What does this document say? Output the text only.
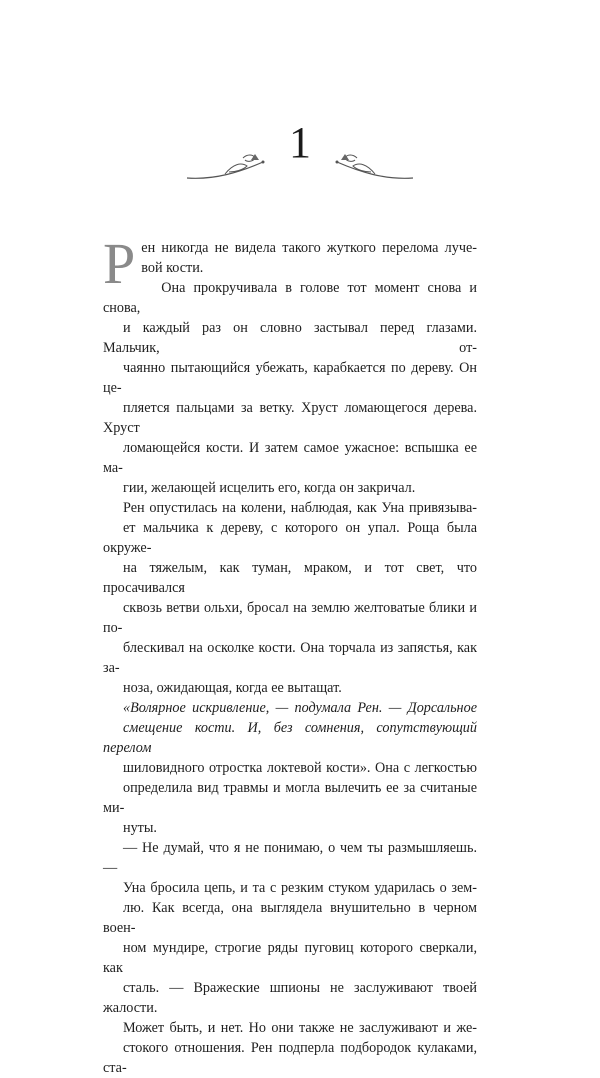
1

Р ен никогда не видела такого жуткого перелома луче-
вой кости.

Она прокручивала в голове тот момент снова и снова,
и каждый раз он словно застывал перед глазами. Мальчик, от-
чаянно пытающийся убежать, карабкается по дереву. Он це-
пляется пальцами за ветку. Хруст ломающегося дерева. Хруст
ломающейся кости. И затем самое ужасное: вспышка ее ма-
гии, желающей исцелить его, когда он закричал.

Рен опустилась на колени, наблюдая, как Уна привязыва-
ет мальчика к дереву, с которого он упал. Роща была окруже-
на тяжелым, как туман, мраком, и тот свет, что просачивался
сквозь ветви ольхи, бросал на землю желтоватые блики и по-
блескивал на осколке кости. Она торчала из запястья, как за-
ноза, ожидающая, когда ее вытащат.

«Волярное искривление, — подумала Рен. — Дорсальное
смещение кости. И, без сомнения, сопутствующий перелом
шиловидного отростка локтевой кости». Она с легкостью
определила вид травмы и могла вылечить ее за считаные ми-
нуты.

— Не думай, что я не понимаю, о чем ты размышляешь. —
Уна бросила цепь, и та с резким стуком ударилась о зем-
лю. Как всегда, она выглядела внушительно в черном воен-
ном мундире, строгие ряды пуговиц которого сверкали, как
сталь. — Вражеские шпионы не заслуживают твоей жалости.

Может быть, и нет. Но они также не заслуживают и же-
стокого отношения. Рен подперла подбородок кулаками, ста-
